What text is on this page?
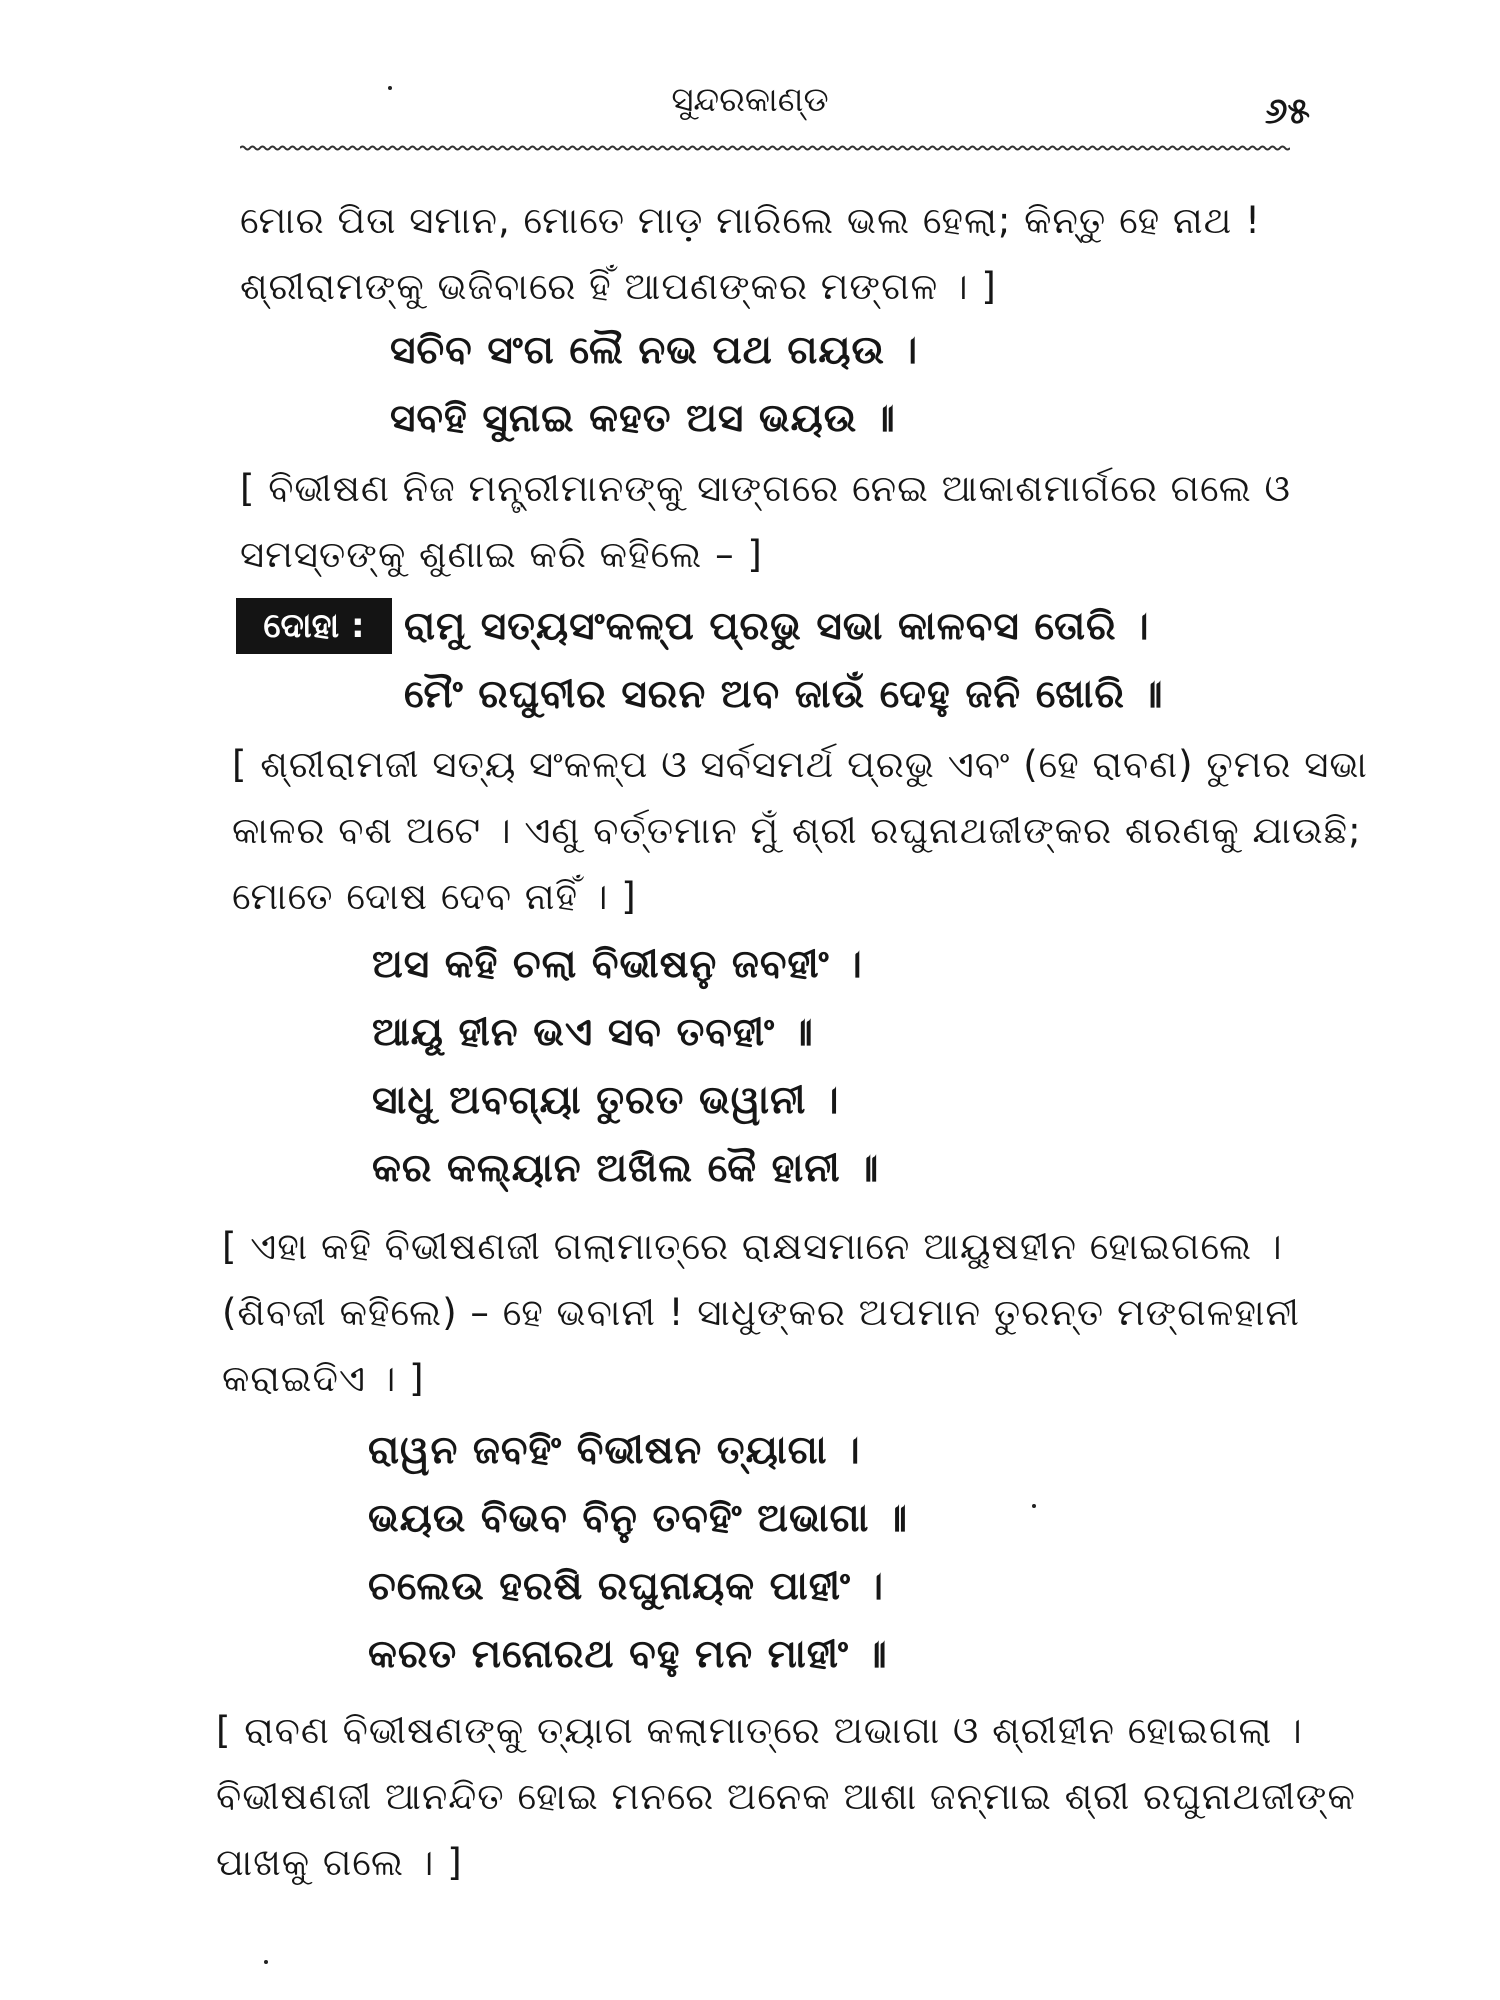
ସୁନ୍ଦରକାଣ୍ଡ	୬୫
ମୋର ପିତା ସମାନ, ମୋତେ ମାଡ଼ ମାରିଲେ ଭଲ ହେଲା; କିନ୍ତୁ ହେ ନାଥ !
ଶ୍ରୀରାମଙ୍କୁ ଭଜିବାରେ ହିଁ ଆପଣଙ୍କର ମଙ୍ଗଳ । ]
ସଚିବ ସଂଗ ଲୈ ନଭ ପଥ ଗୟଉ ।
ସବହି ସୁନାଇ କହତ ଅସ ଭୟଉ ॥
[ ବିଭୀଷଣ ନିଜ ମନ୍ତ୍ରୀମାନଙ୍କୁ ସାଙ୍ଗରେ ନେଇ ଆକାଶମାର୍ଗରେ ଗଲେ ଓ
ସମସ୍ତଙ୍କୁ ଶୁଣାଇ କରି କହିଲେ – ]
ଦୋହା :	ରାମୁ ସତ୍ୟସଂକଳ୍ପ ପ୍ରଭୁ ସଭା କାଳବସ ତୋରି ।
ମୈଂ ରଘୁବୀର ସରନ ଅବ ଜାଉଁ ଦେହୁ ଜନି ଖୋରି ॥
[ ଶ୍ରୀରାମଜୀ ସତ୍ୟ ସଂକଳ୍ପ ଓ ସର୍ବସମର୍ଥ ପ୍ରଭୁ ଏବଂ (ହେ ରାବଣ) ତୁମର ସଭା
କାଳର ବଶ ଅଟେ । ଏଣୁ ବର୍ତ୍ତମାନ ମୁଁ ଶ୍ରୀ ରଘୁନାଥଜୀଙ୍କର ଶରଣକୁ ଯାଉଛି;
ମୋତେ ଦୋଷ ଦେବ ନାହିଁ । ]
ଅସ କହି ଚଲା ବିଭୀଷନୁ ଜବହୀଂ ।
ଆୟୂ ହୀନ ଭଏ ସବ ତବହୀଂ ॥
ସାଧୁ ଅବଗ୍ୟା ତୁରତ ଭୱାନୀ ।
କର କଲ୍ୟାନ ଅଖିଲ କୈ ହାନୀ ॥
[ ଏହା କହି ବିଭୀଷଣଜୀ ଗଲାମାତ୍ରେ ରାକ୍ଷସମାନେ ଆୟୁଷହୀନ ହୋଇଗଲେ ।
(ଶିବଜୀ କହିଲେ) – ହେ ଭବାନୀ ! ସାଧୁଙ୍କର ଅପମାନ ତୁରନ୍ତ ମଙ୍ଗଳହାନୀ
କରାଇଦିଏ । ]
ରାୱନ ଜବହିଂ ବିଭୀଷନ ତ୍ୟାଗା ।
ଭୟଉ ବିଭବ ବିନୁ ତବହିଂ ଅଭାଗା ॥
ଚଲେଉ ହରଷି ରଘୁନାୟକ ପାହୀଂ ।
କରତ ମନୋରଥ ବହୁ ମନ ମାହୀଂ ॥
[ ରାବଣ ବିଭୀଷଣଙ୍କୁ ତ୍ୟାଗ କଲାମାତ୍ରେ ଅଭାଗା ଓ ଶ୍ରୀହୀନ ହୋଇଗଲା ।
ବିଭୀଷଣଜୀ ଆନନ୍ଦିତ ହୋଇ ମନରେ ଅନେକ ଆଶା ଜନ୍ମାଇ ଶ୍ରୀ ରଘୁନାଥଜୀଙ୍କ
ପାଖକୁ ଗଲେ । ]
